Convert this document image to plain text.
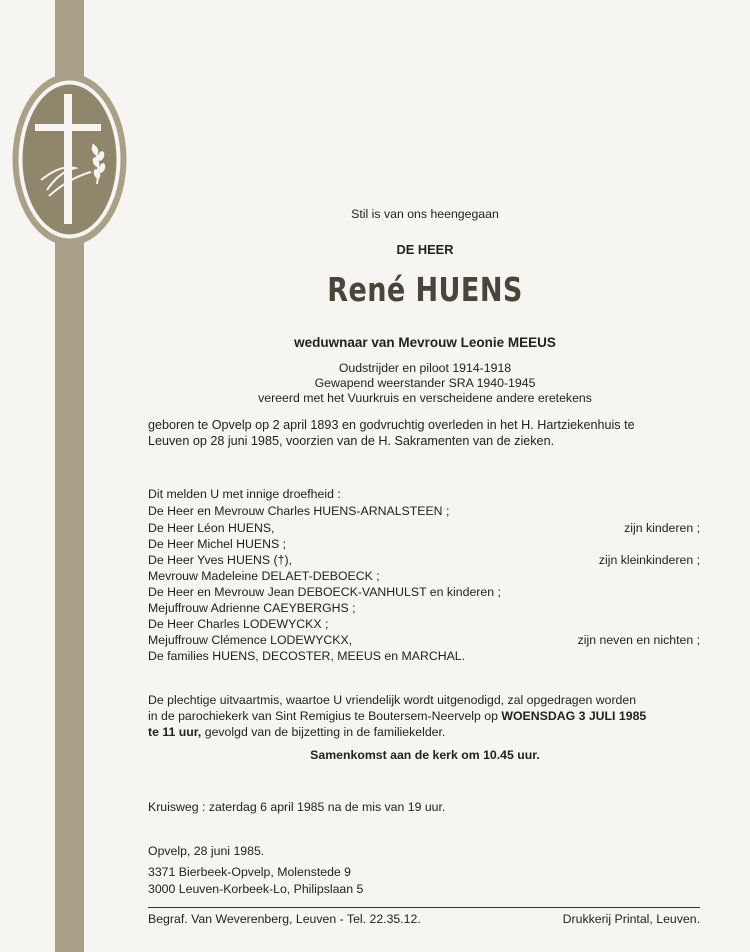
Stil is van ons heengegaan
DE HEER
René HUENS
weduwnaar van Mevrouw Leonie MEEUS
Oudstrijder en piloot 1914-1918
Gewapend weerstander SRA 1940-1945
vereerd met het Vuurkruis en verscheidene andere eretekens
geboren te Opvelp op 2 april 1893 en godvruchtig overleden in het H. Hartziekenhuis te
Leuven op 28 juni 1985, voorzien van de H. Sakramenten van de zieken.
Dit melden U met innige droefheid :
De Heer en Mevrouw Charles HUENS-ARNALSTEEN ;
De Heer Léon HUENS,	zijn kinderen ;
De Heer Michel HUENS ;
De Heer Yves HUENS (†),	zijn kleinkinderen ;
Mevrouw Madeleine DELAET-DEBOECK ;
De Heer en Mevrouw Jean DEBOECK-VANHULST en kinderen ;
Mejuffrouw Adrienne CAEYBERGHS ;
De Heer Charles LODEWYCKX ;
Mejuffrouw Clémence LODEWYCKX,	zijn neven en nichten ;
De families HUENS, DECOSTER, MEEUS en MARCHAL.
De plechtige uitvaartmis, waartoe U vriendelijk wordt uitgenodigd, zal opgedragen worden
in de parochiekerk van Sint Remigius te Boutersem-Neervelp op WOENSDAG 3 JULI 1985
te 11 uur, gevolgd van de bijzetting in de familiekelder.
Samenkomst aan de kerk om 10.45 uur.
Kruisweg : zaterdag 6 april 1985 na de mis van 19 uur.
Opvelp, 28 juni 1985.
3371 Bierbeek-Opvelp, Molenstede 9
3000 Leuven-Korbeek-Lo, Philipslaan 5
Begraf. Van Weverenberg, Leuven - Tel. 22.35.12.	Drukkerij Printal, Leuven.
